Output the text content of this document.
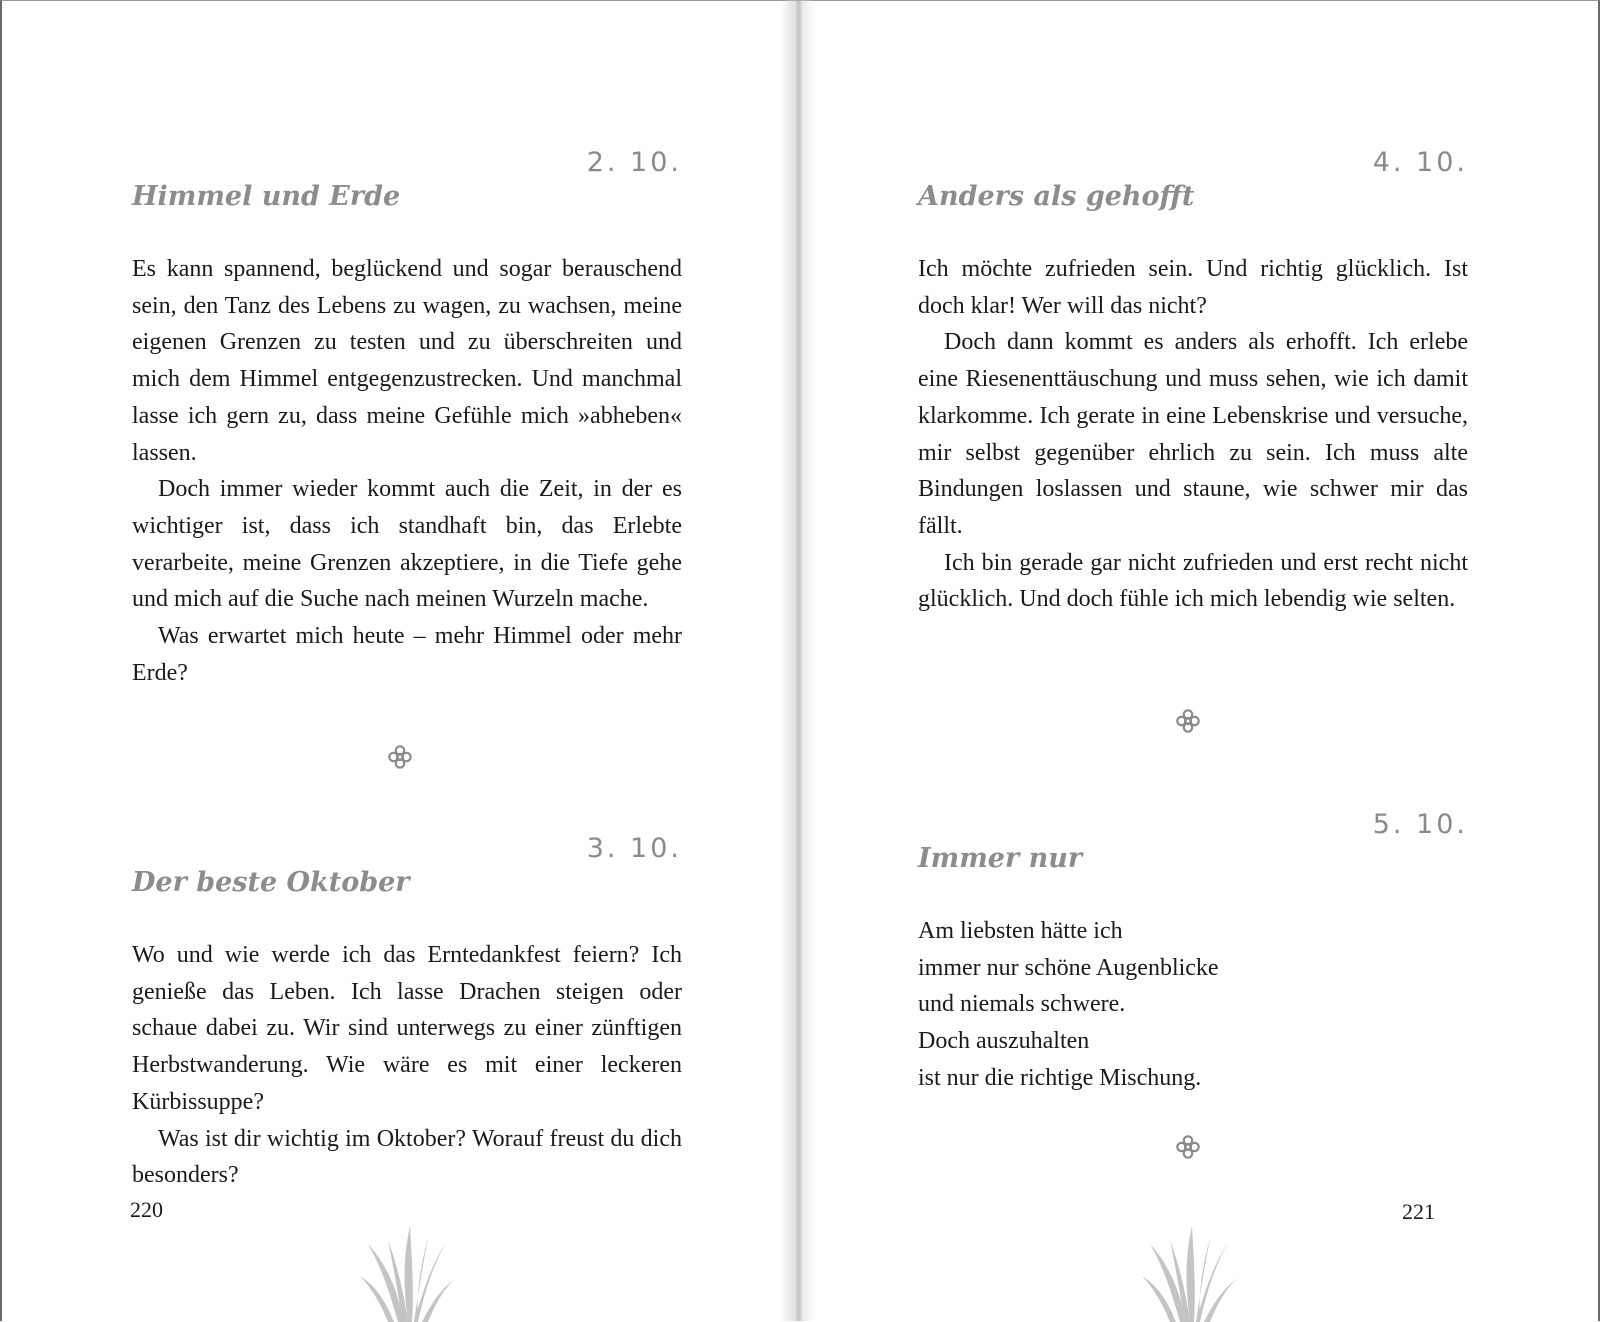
2. 10.
Himmel und Erde

Es kann spannend, beglückend und sogar berauschend sein, den Tanz des Lebens zu wagen, zu wachsen, meine eigenen Grenzen zu testen und zu überschreiten und mich dem Himmel entgegenzustrecken. Und manchmal lasse ich gern zu, dass meine Gefühle mich »abheben« lassen.

Doch immer wieder kommt auch die Zeit, in der es wichtiger ist, dass ich standhaft bin, das Erlebte verarbeite, meine Grenzen akzeptiere, in die Tiefe gehe und mich auf die Suche nach meinen Wurzeln mache.

Was erwartet mich heute – mehr Himmel oder mehr Erde?

3. 10.
Der beste Oktober

Wo und wie werde ich das Erntedankfest feiern? Ich genieße das Leben. Ich lasse Drachen steigen oder schaue dabei zu. Wir sind unterwegs zu einer zünftigen Herbstwanderung. Wie wäre es mit einer leckeren Kürbissuppe?

Was ist dir wichtig im Oktober? Worauf freust du dich besonders?

220
4. 10.
Anders als gehofft

Ich möchte zufrieden sein. Und richtig glücklich. Ist doch klar! Wer will das nicht?

Doch dann kommt es anders als erhofft. Ich erlebe eine Riesenenttäuschung und muss sehen, wie ich damit klarkomme. Ich gerate in eine Lebenskrise und versuche, mir selbst gegenüber ehrlich zu sein. Ich muss alte Bindungen loslassen und staune, wie schwer mir das fällt.

Ich bin gerade gar nicht zufrieden und erst recht nicht glücklich. Und doch fühle ich mich lebendig wie selten.

5. 10.
Immer nur
Am liebsten hätte ich
immer nur schöne Augenblicke
und niemals schwere.
Doch auszuhalten
ist nur die richtige Mischung.
221
